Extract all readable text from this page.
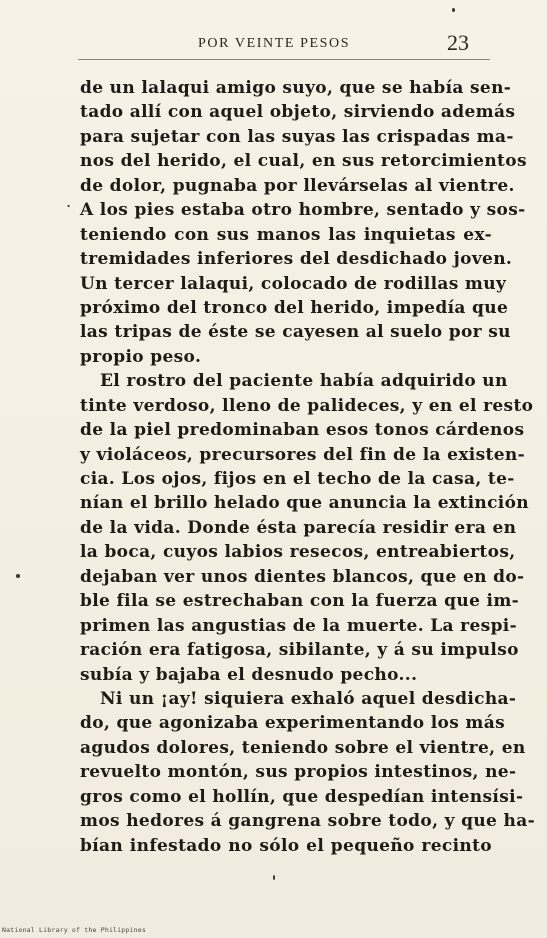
POR VEINTE PESOS	23
.
de un lalaqui amigo suyo, que se había sen-
tado allí con aquel objeto, sirviendo además
para sujetar con las suyas las crispadas ma-
nos del herido, el cual, en sus retorcimientos
de dolor, pugnaba por llevárselas al vientre.
A los pies estaba otro hombre, sentado y sos-
teniendo con sus manos las inquietas ex-
tremidades inferiores del desdichado joven.
Un tercer lalaqui, colocado de rodillas muy
próximo del tronco del herido, impedía que
las tripas de éste se cayesen al suelo por su
propio peso.
El rostro del paciente había adquirido un
tinte verdoso, lleno de palideces, y en el resto
de la piel predominaban esos tonos cárdenos
y violáceos, precursores del fin de la existen-
cia. Los ojos, fijos en el techo de la casa, te-
nían el brillo helado que anuncia la extinción
de la vida. Donde ésta parecía residir era en
la boca, cuyos labios resecos, entreabiertos,
dejaban ver unos dientes blancos, que en do-
ble fila se estrechaban con la fuerza que im-
primen las angustias de la muerte. La respi-
ración era fatigosa, sibilante, y á su impulso
subía y bajaba el desnudo pecho...
Ni un ¡ay! siquiera exhaló aquel desdicha-
do, que agonizaba experimentando los más
agudos dolores, teniendo sobre el vientre, en
revuelto montón, sus propios intestinos, ne-
gros como el hollín, que despedían intensísi-
mos hedores á gangrena sobre todo, y que ha-
bían infestado no sólo el pequeño recinto
National Library of the Philippines
